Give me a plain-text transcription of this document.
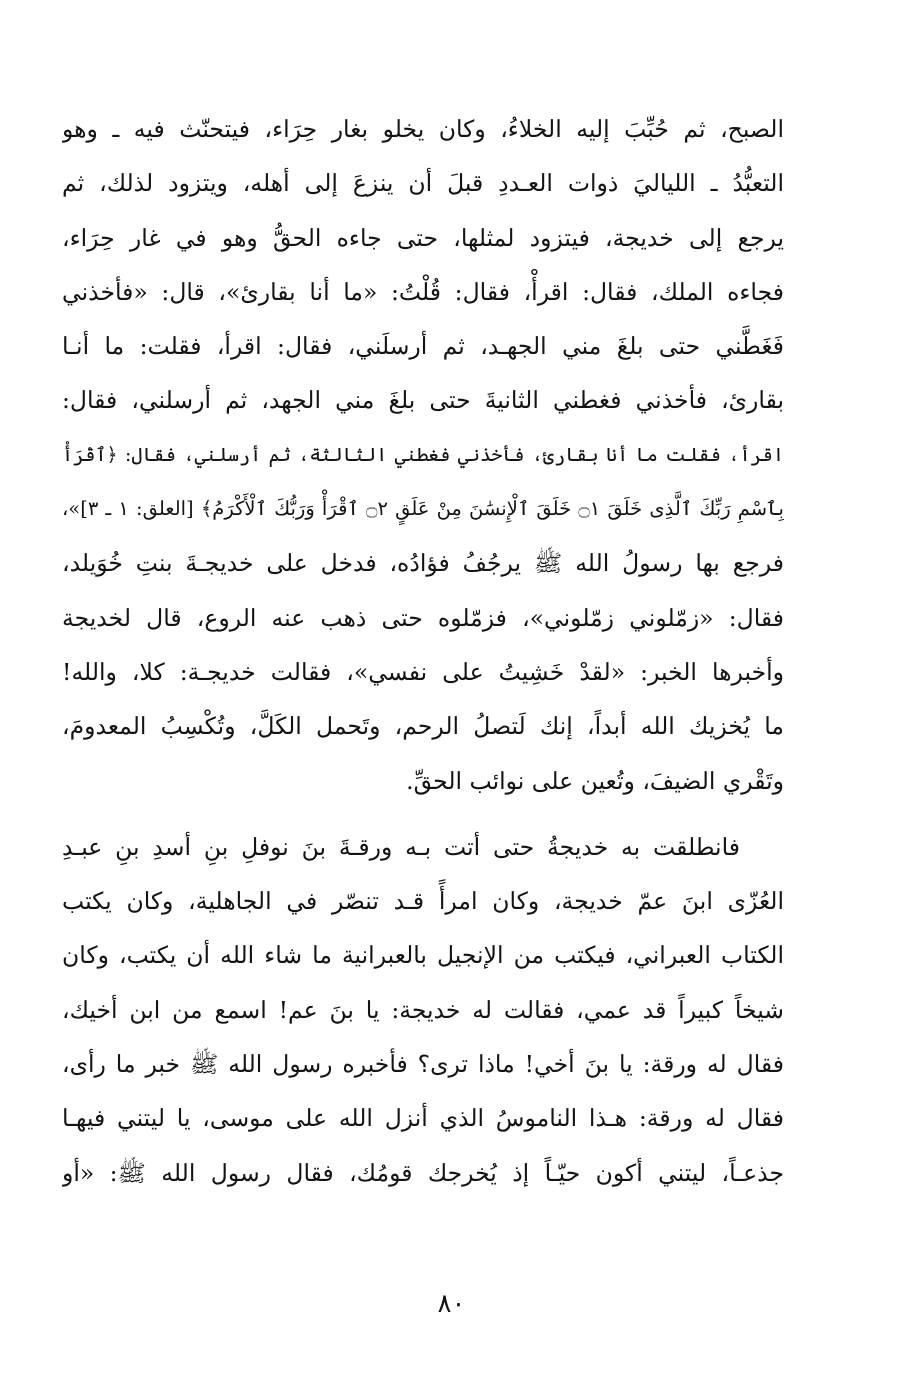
الصبح، ثم حُبِّبَ إليه الخلاءُ، وكان يخلو بغار حِرَاء، فيتحنّث فيه ـ وهو
التعبُّدُ ـ اللياليَ ذوات العـددِ قبلَ أن ينزعَ إلى أهله، ويتزود لذلك، ثم
يرجع إلى خديجة، فيتزود لمثلها، حتى جاءه الحقُّ وهو في غار حِرَاء،
فجاءه الملك، فقال: اقرأْ، فقال: قُلْتُ: «ما أنا بقارئ»، قال: «فأخذني
فَغَطَّني حتى بلغَ مني الجهـد، ثم أرسلَني، فقال: اقرأ، فقلت: ما أنـا
بقارئ، فأخذني فغطني الثانيةَ حتى بلغَ مني الجهد، ثم أرسلني، فقال:
اقرأ، فقلت ما أنا بقارئ، فأخذني فغطني الثالثة، ثم أرسلني، فقال: ﴿ٱقْرَأْ
بِٱسْمِ رَبِّكَ ٱلَّذِى خَلَقَ ۝١ خَلَقَ ٱلْإِنسَٰنَ مِنْ عَلَقٍ ۝٢ ٱقْرَأْ وَرَبُّكَ ٱلْأَكْرَمُ﴾ [العلق: ١ ـ ٣]»،
فرجع بها رسولُ الله ﷺ يرجُفُ فؤادُه، فدخل على خديجـةَ بنتِ خُوَيلد،
فقال: «زمّلوني زمّلوني»، فزمّلوه حتى ذهب عنه الروع، قال لخديجة
وأخبرها الخبر: «لقدْ خَشِيتُ على نفسي»، فقالت خديجـة: كلا، والله!
ما يُخزيك الله أبداً، إنك لَتصلُ الرحم، وتَحمل الكَلَّ، وتُكْسِبُ المعدومَ،
وتَقْري الضيفَ، وتُعين على نوائب الحقِّ.

فانطلقت به خديجةُ حتى أتت بـه ورقـةَ بنَ نوفلِ بنِ أسدِ بنِ عبـدِ
العُزّى ابنَ عمّ خديجة، وكان امرأً قـد تنصّر في الجاهلية، وكان يكتب
الكتاب العبراني، فيكتب من الإنجيل بالعبرانية ما شاء الله أن يكتب، وكان
شيخاً كبيراً قد عمي، فقالت له خديجة: يا بنَ عم! اسمع من ابن أخيك،
فقال له ورقة: يا بنَ أخي! ماذا ترى؟ فأخبره رسول الله ﷺ خبر ما رأى،
فقال له ورقة: هـذا الناموسُ الذي أنزل الله على موسى، يا ليتني فيهـا
جذعـاً، ليتني أكون حيّـاً إذ يُخرجك قومُك، فقال رسول الله ﷺ: «أو

٨٠
